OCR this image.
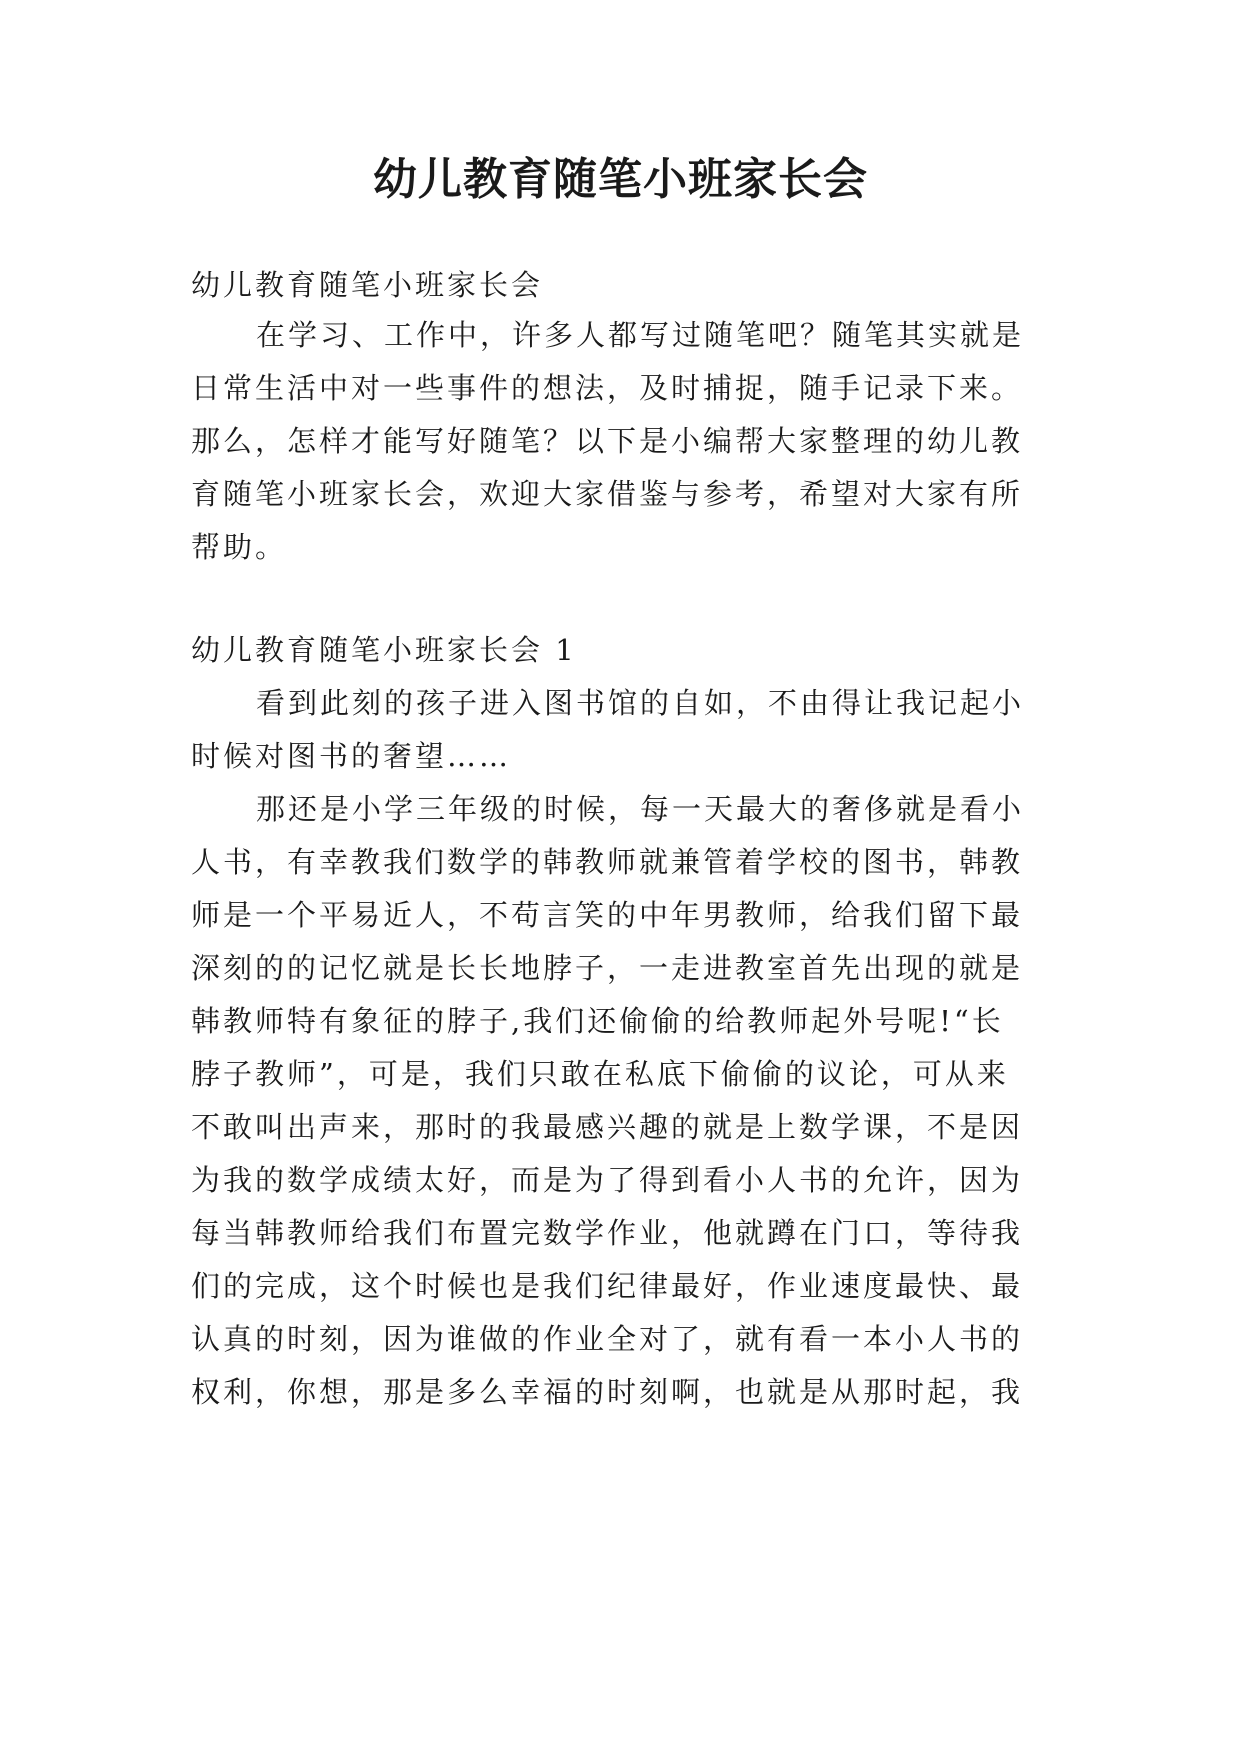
幼儿教育随笔小班家长会

幼儿教育随笔小班家长会

在学习、工作中，许多人都写过随笔吧？随笔其实就是

日常生活中对一些事件的想法，及时捕捉，随手记录下来。

那么，怎样才能写好随笔？以下是小编帮大家整理的幼儿教

育随笔小班家长会，欢迎大家借鉴与参考，希望对大家有所

帮助。

幼儿教育随笔小班家长会 1

看到此刻的孩子进入图书馆的自如，不由得让我记起小

时候对图书的奢望……

那还是小学三年级的时候，每一天最大的奢侈就是看小

人书，有幸教我们数学的韩教师就兼管着学校的图书，韩教

师是一个平易近人，不苟言笑的中年男教师，给我们留下最

深刻的的记忆就是长长地脖子，一走进教室首先出现的就是

韩教师特有象征的脖子,我们还偷偷的给教师起外号呢!“长

脖子教师”，可是，我们只敢在私底下偷偷的议论，可从来

不敢叫出声来，那时的我最感兴趣的就是上数学课，不是因

为我的数学成绩太好，而是为了得到看小人书的允许，因为

每当韩教师给我们布置完数学作业，他就蹲在门口，等待我

们的完成，这个时候也是我们纪律最好，作业速度最快、最

认真的时刻，因为谁做的作业全对了，就有看一本小人书的

权利，你想，那是多么幸福的时刻啊，也就是从那时起，我
